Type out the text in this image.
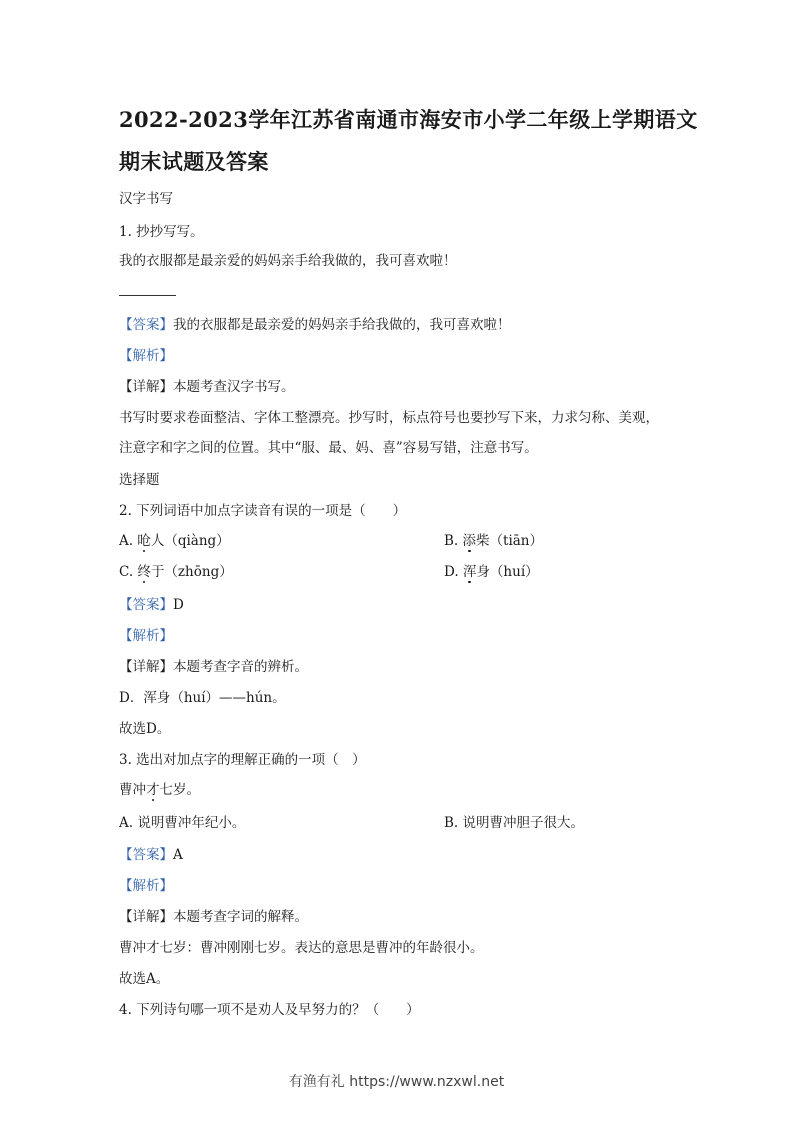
2022-2023学年江苏省南通市海安市小学二年级上学期语文
期末试题及答案
汉字书写
1. 抄抄写写。
我的衣服都是最亲爱的妈妈亲手给我做的，我可喜欢啦！
【答案】我的衣服都是最亲爱的妈妈亲手给我做的，我可喜欢啦！
【解析】
【详解】本题考查汉字书写。
书写时要求卷面整洁、字体工整漂亮。抄写时，标点符号也要抄写下来，力求匀称、美观，
注意字和字之间的位置。其中“服、最、妈、喜”容易写错，注意书写。
选择题
2. 下列词语中加点字读音有误的一项是（　　）
A. 呛人（qiàng）	B. 添柴（tiān）
C. 终于（zhōng）	D. 浑身（huí）
【答案】D
【解析】
【详解】本题考查字音的辨析。
D．浑身（huí）——hún。
故选D。
3. 选出对加点字的理解正确的一项（　）
曹冲才七岁。
A. 说明曹冲年纪小。	B. 说明曹冲胆子很大。
【答案】A
【解析】
【详解】本题考查字词的解释。
曹冲才七岁：曹冲刚刚七岁。表达的意思是曹冲的年龄很小。
故选A。
4. 下列诗句哪一项不是劝人及早努力的？（　　）
有渔有礼 https://www.nzxwl.net
